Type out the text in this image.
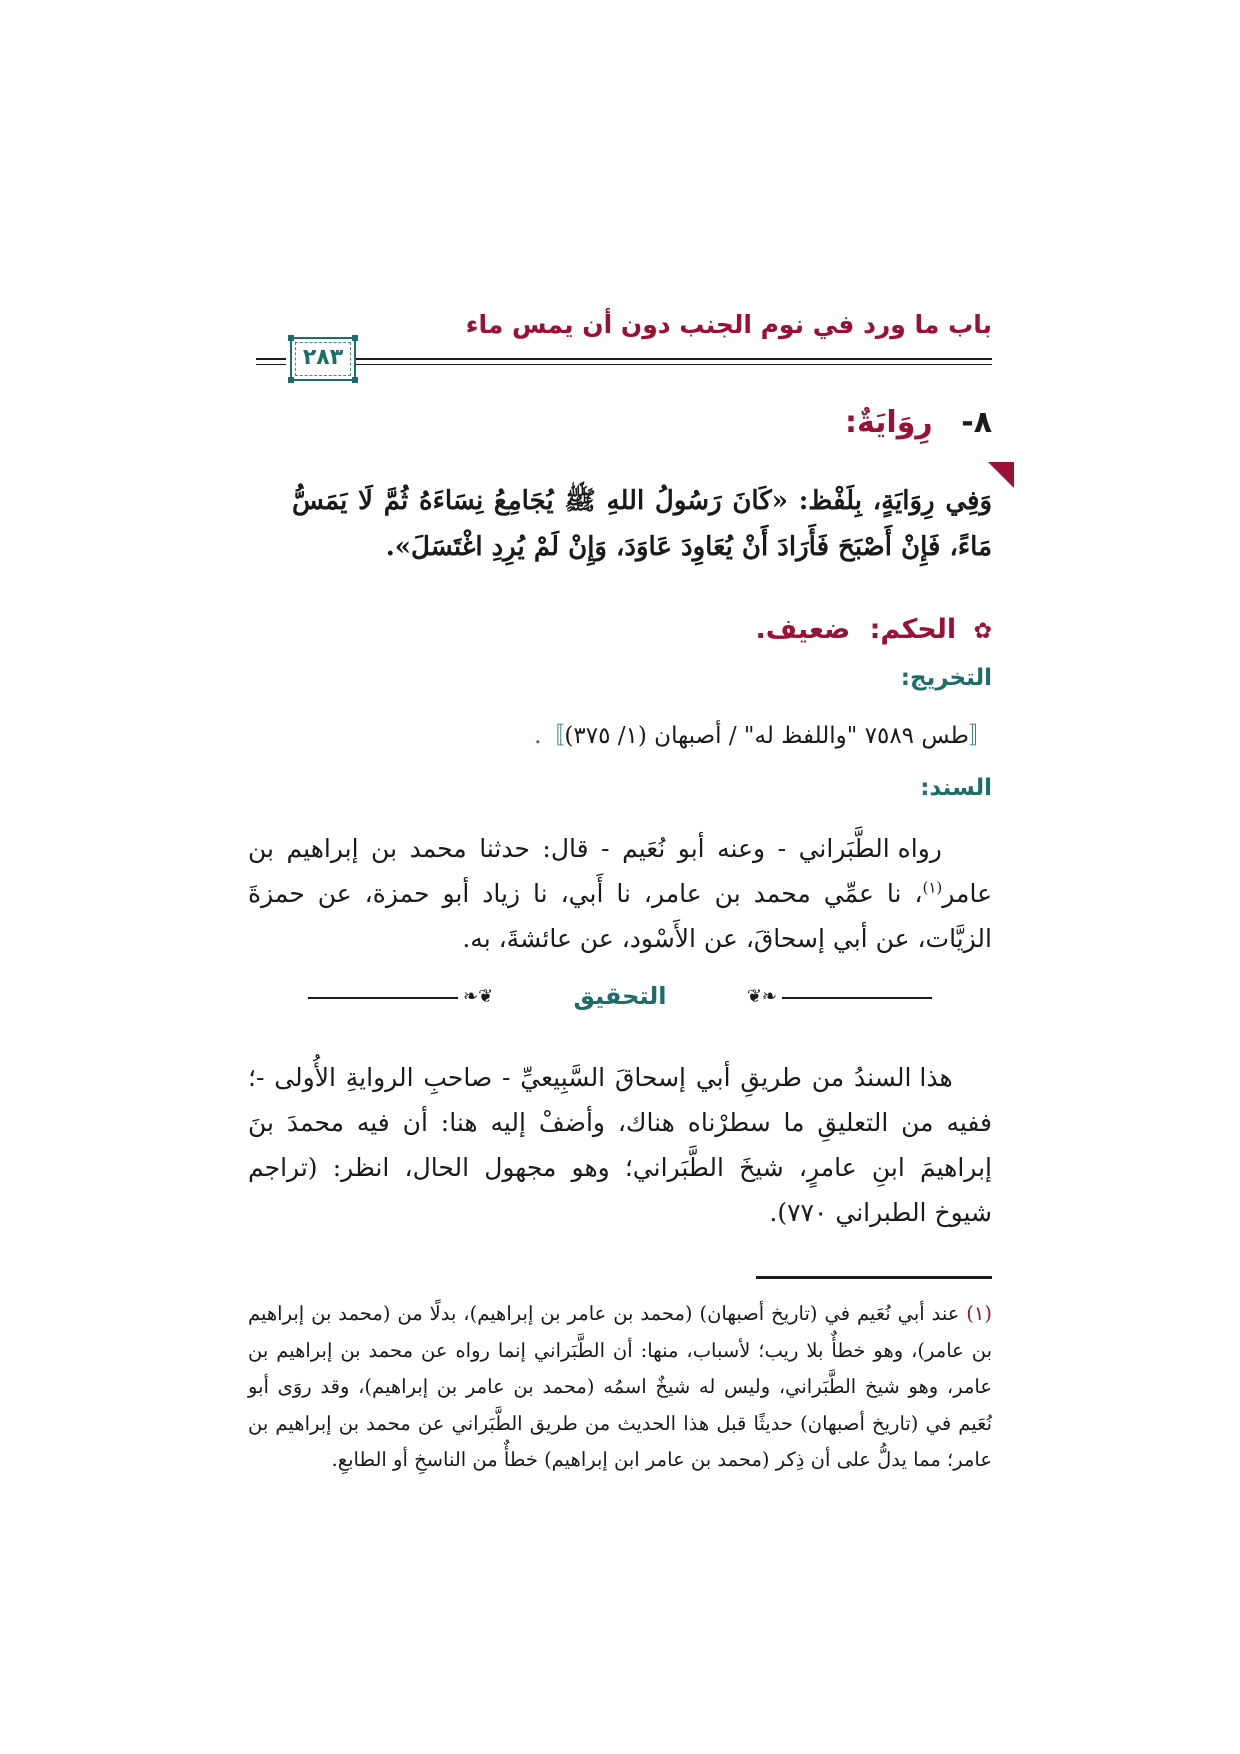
باب ما ورد في نوم الجنب دون أن يمس ماء
٢٨٣
٨-   رِوَايَةٌ:
وَفِي رِوَايَةٍ، بِلَفْظ: «كَانَ رَسُولُ اللهِ ﷺ يُجَامِعُ نِسَاءَهُ ثُمَّ لَا يَمَسُّ مَاءً، فَإِنْ أَصْبَحَ فَأَرَادَ أَنْ يُعَاوِدَ عَاوَدَ، وَإِنْ لَمْ يُرِدِ اغْتَسَلَ».
✿ الحكم: ضعيف.
التخريج:
〚طس ٧٥٨٩ "واللفظ له" / أصبهان (١/ ٣٧٥)〛.
السند:
رواه الطَّبَراني - وعنه أبو نُعَيم - قال: حدثنا محمد بن إبراهيم بن عامر$^{(١)}$، نا عمِّي محمد بن عامر، نا أَبي، نا زياد أبو حمزة، عن حمزةَ الزيَّات، عن أبي إسحاقَ، عن الأَسْود، عن عائشةَ، به.
❦❧
التحقيق
❧❦
هذا السندُ من طريقِ أبي إسحاقَ السَّبِيعيِّ - صاحبِ الروايةِ الأُولى -؛ ففيه من التعليقِ ما سطرْناه هناك، وأضفْ إليه هنا: أن فيه محمدَ بنَ إبراهيمَ ابنِ عامرٍ، شيخَ الطَّبَراني؛ وهو مجهول الحال، انظر: (تراجم شيوخ الطبراني ٧٧٠).
(١) عند أبي نُعَيم في (تاريخ أصبهان) (محمد بن عامر بن إبراهيم)، بدلًا من (محمد بن إبراهيم بن عامر)، وهو خطأٌ بلا ريب؛ لأسباب، منها: أن الطَّبَراني إنما رواه عن محمد بن إبراهيم بن عامر، وهو شيخ الطَّبَراني، وليس له شيخٌ اسمُه (محمد بن عامر بن إبراهيم)، وقد روَى أبو نُعَيم في (تاريخ أصبهان) حديثًا قبل هذا الحديث من طريق الطَّبَراني عن محمد بن إبراهيم بن عامر؛ مما يدلُّ على أن ذِكر (محمد بن عامر ابن إبراهيم) خطأٌ من الناسخِ أو الطابعِ.
